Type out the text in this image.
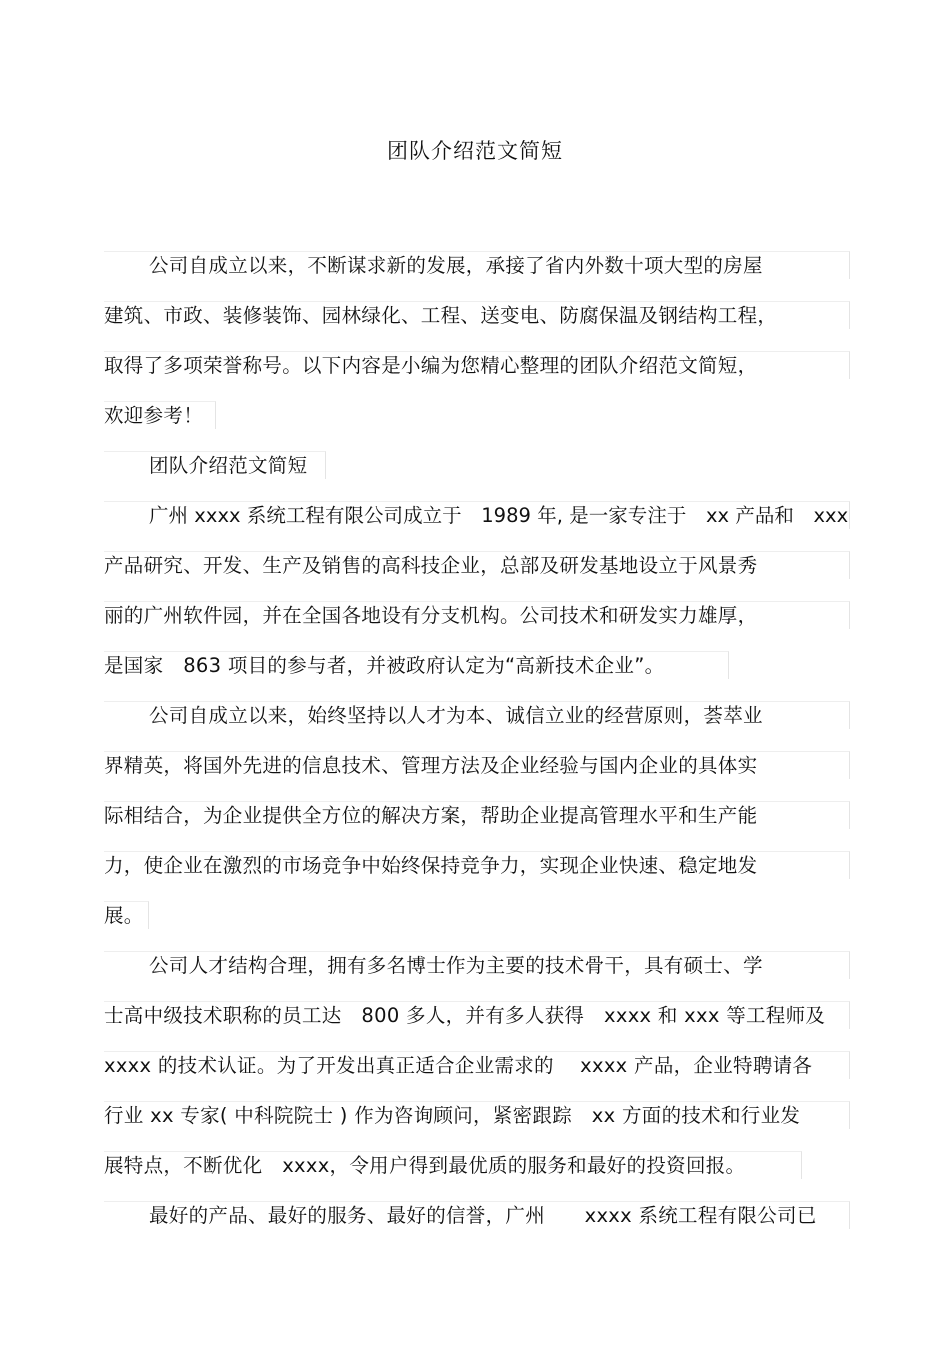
团队介绍范文简短
公司自成立以来，不断谋求新的发展，承接了省内外数十项大型的房屋
建筑、市政、装修装饰、园林绿化、工程、送变电、防腐保温及钢结构工程，
取得了多项荣誉称号。以下内容是小编为您精心整理的团队介绍范文简短，
欢迎参考！
团队介绍范文简短
广州 xxxx 系统工程有限公司成立于　1989 年, 是一家专注于　xx 产品和　xxx
产品研究、开发、生产及销售的高科技企业，总部及研发基地设立于风景秀
丽的广州软件园，并在全国各地设有分支机构。公司技术和研发实力雄厚，
是国家　863 项目的参与者，并被政府认定为“高新技术企业”。
公司自成立以来，始终坚持以人才为本、诚信立业的经营原则，荟萃业
界精英，将国外先进的信息技术、管理方法及企业经验与国内企业的具体实
际相结合，为企业提供全方位的解决方案，帮助企业提高管理水平和生产能
力，使企业在激烈的市场竞争中始终保持竞争力，实现企业快速、稳定地发
展。
公司人才结构合理，拥有多名博士作为主要的技术骨干，具有硕士、学
士高中级技术职称的员工达　800 多人，并有多人获得　xxxx 和 xxx 等工程师及
xxxx 的技术认证。为了开发出真正适合企业需求的　 xxxx 产品，企业特聘请各
行业 xx 专家( 中科院院士 ) 作为咨询顾问，紧密跟踪　xx 方面的技术和行业发
展特点，不断优化　xxxx，令用户得到最优质的服务和最好的投资回报。
最好的产品、最好的服务、最好的信誉，广州　　xxxx 系统工程有限公司已
